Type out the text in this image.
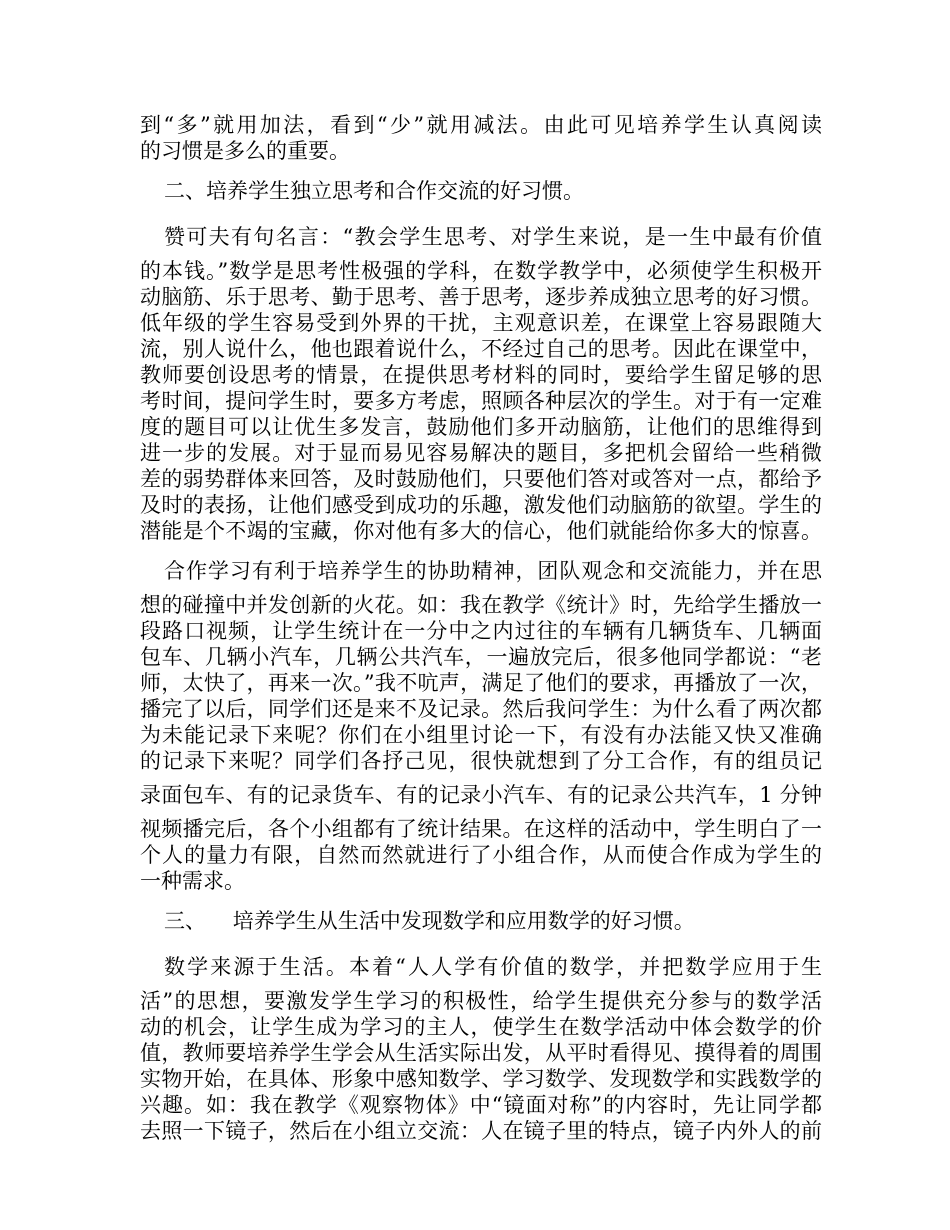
到“多”就用加法，看到“少”就用减法。由此可见培养学生认真阅读
的习惯是多么的重要。
二、培养学生独立思考和合作交流的好习惯。
赞可夫有句名言：“教会学生思考、对学生来说，是一生中最有价值
的本钱。”数学是思考性极强的学科，在数学教学中，必须使学生积极开
动脑筋、乐于思考、勤于思考、善于思考，逐步养成独立思考的好习惯。
低年级的学生容易受到外界的干扰，主观意识差，在课堂上容易跟随大
流，别人说什么，他也跟着说什么，不经过自己的思考。因此在课堂中，
教师要创设思考的情景，在提供思考材料的同时，要给学生留足够的思
考时间，提问学生时，要多方考虑，照顾各种层次的学生。对于有一定难
度的题目可以让优生多发言，鼓励他们多开动脑筋，让他们的思维得到
进一步的发展。对于显而易见容易解决的题目，多把机会留给一些稍微
差的弱势群体来回答，及时鼓励他们，只要他们答对或答对一点，都给予
及时的表扬，让他们感受到成功的乐趣，激发他们动脑筋的欲望。学生的
潜能是个不竭的宝藏，你对他有多大的信心，他们就能给你多大的惊喜。
合作学习有利于培养学生的协助精神，团队观念和交流能力，并在思
想的碰撞中并发创新的火花。如：我在教学《统计》时，先给学生播放一
段路口视频，让学生统计在一分中之内过往的车辆有几辆货车、几辆面
包车、几辆小汽车，几辆公共汽车，一遍放完后，很多他同学都说：“老
师，太快了，再来一次。”我不吭声，满足了他们的要求，再播放了一次，
播完了以后，同学们还是来不及记录。然后我问学生：为什么看了两次都
为未能记录下来呢？你们在小组里讨论一下，有没有办法能又快又准确
的记录下来呢？同学们各抒己见，很快就想到了分工合作，有的组员记
录面包车、有的记录货车、有的记录小汽车、有的记录公共汽车，1 分钟
视频播完后，各个小组都有了统计结果。在这样的活动中，学生明白了一
个人的量力有限，自然而然就进行了小组合作，从而使合作成为学生的
一种需求。
三、    培养学生从生活中发现数学和应用数学的好习惯。
数学来源于生活。本着“人人学有价值的数学，并把数学应用于生
活”的思想，要激发学生学习的积极性，给学生提供充分参与的数学活
动的机会，让学生成为学习的主人，使学生在数学活动中体会数学的价
值，教师要培养学生学会从生活实际出发，从平时看得见、摸得着的周围
实物开始，在具体、形象中感知数学、学习数学、发现数学和实践数学的
兴趣。如：我在教学《观察物体》中“镜面对称”的内容时，先让同学都
去照一下镜子，然后在小组立交流：人在镜子里的特点，镜子内外人的前
